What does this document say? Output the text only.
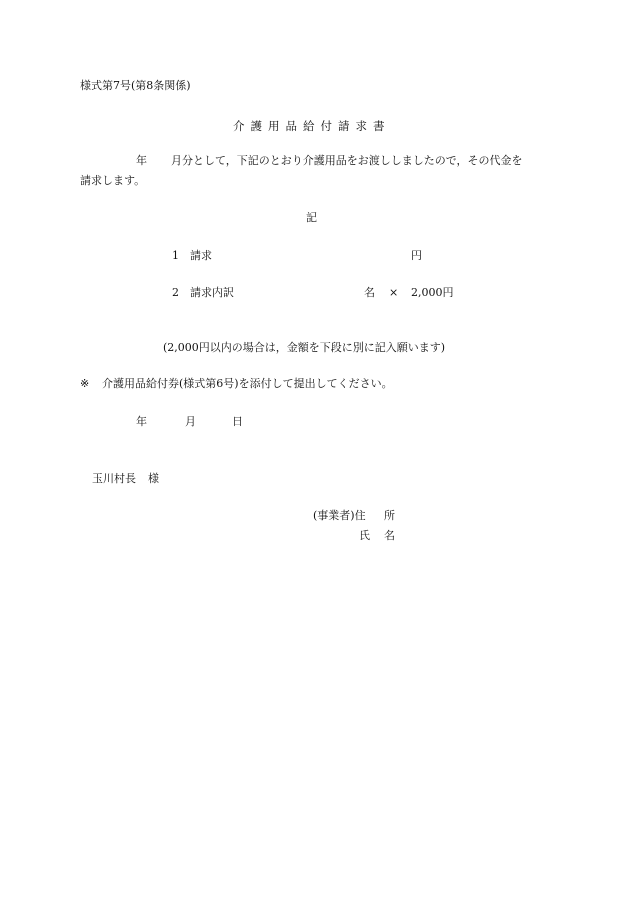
様式第7号(第8条関係)
介護用品給付請求書
年 月分として，下記のとおり介護用品をお渡ししましたので，その代金を
請求します。
記
1 請求	円
2 請求内訳	名 × 2,000円
(2,000円以内の場合は，金額を下段に別に記入願います)
※ 介護用品給付券(様式第6号)を添付して提出してください。
年	月	日
玉川村長 様
(事業者)住 所
氏 名
